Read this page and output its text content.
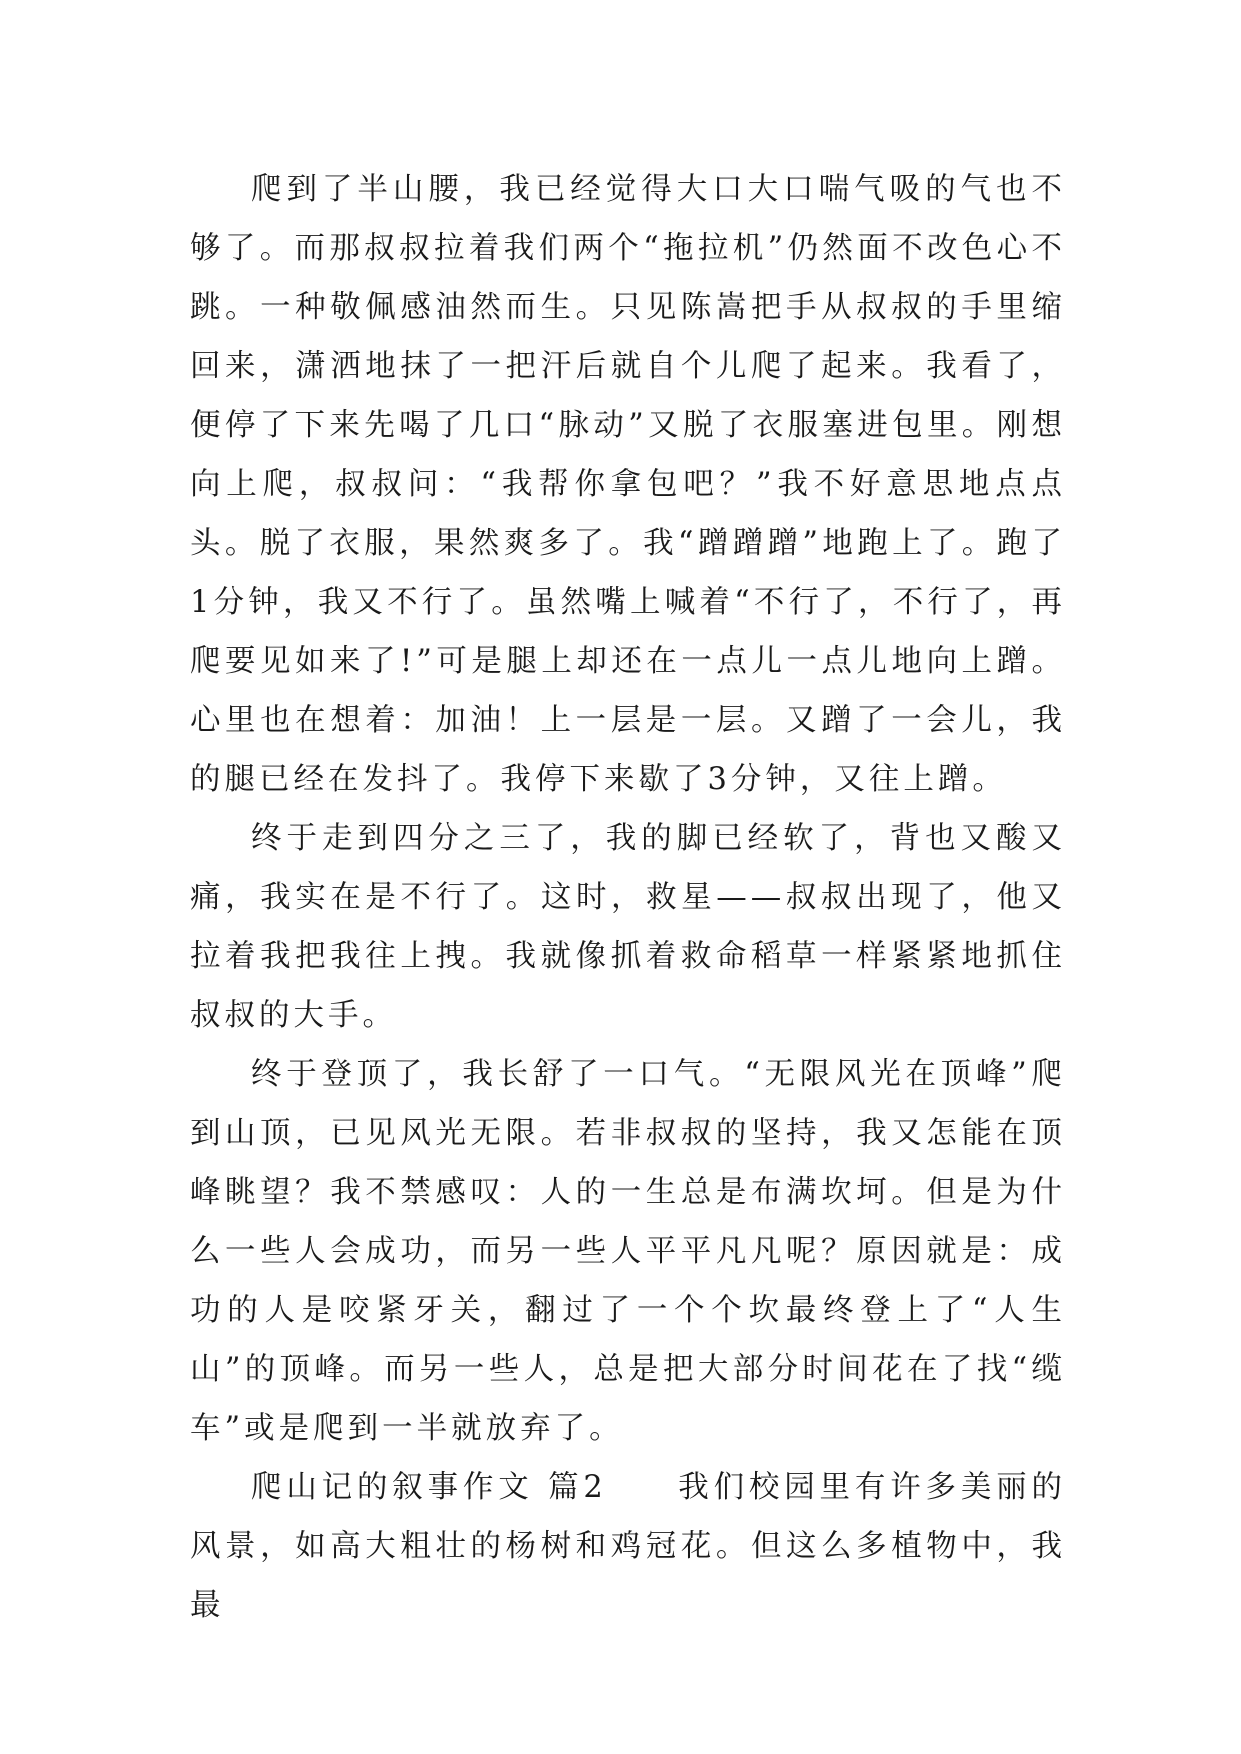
爬到了半山腰，我已经觉得大口大口喘气吸的气也不够了。而那叔叔拉着我们两个“拖拉机”仍然面不改色心不跳。一种敬佩感油然而生。只见陈嵩把手从叔叔的手里缩回来，潇洒地抹了一把汗后就自个儿爬了起来。我看了，便停了下来先喝了几口“脉动”又脱了衣服塞进包里。刚想向上爬，叔叔问：“我帮你拿包吧？”我不好意思地点点头。脱了衣服，果然爽多了。我“蹭蹭蹭”地跑上了。跑了1分钟，我又不行了。虽然嘴上喊着“不行了，不行了，再爬要见如来了!”可是腿上却还在一点儿一点儿地向上蹭。心里也在想着：加油！上一层是一层。又蹭了一会儿，我的腿已经在发抖了。我停下来歇了3分钟，又往上蹭。

终于走到四分之三了，我的脚已经软了，背也又酸又痛，我实在是不行了。这时，救星——叔叔出现了，他又拉着我把我往上拽。我就像抓着救命稻草一样紧紧地抓住叔叔的大手。

终于登顶了，我长舒了一口气。“无限风光在顶峰”爬到山顶，已见风光无限。若非叔叔的坚持，我又怎能在顶峰眺望？我不禁感叹：人的一生总是布满坎坷。但是为什么一些人会成功，而另一些人平平凡凡呢？原因就是：成功的人是咬紧牙关，翻过了一个个坎最终登上了“人生山”的顶峰。而另一些人，总是把大部分时间花在了找“缆车”或是爬到一半就放弃了。

爬山记的叙事作文 篇2　　我们校园里有许多美丽的风景，如高大粗壮的杨树和鸡冠花。但这么多植物中，我最
